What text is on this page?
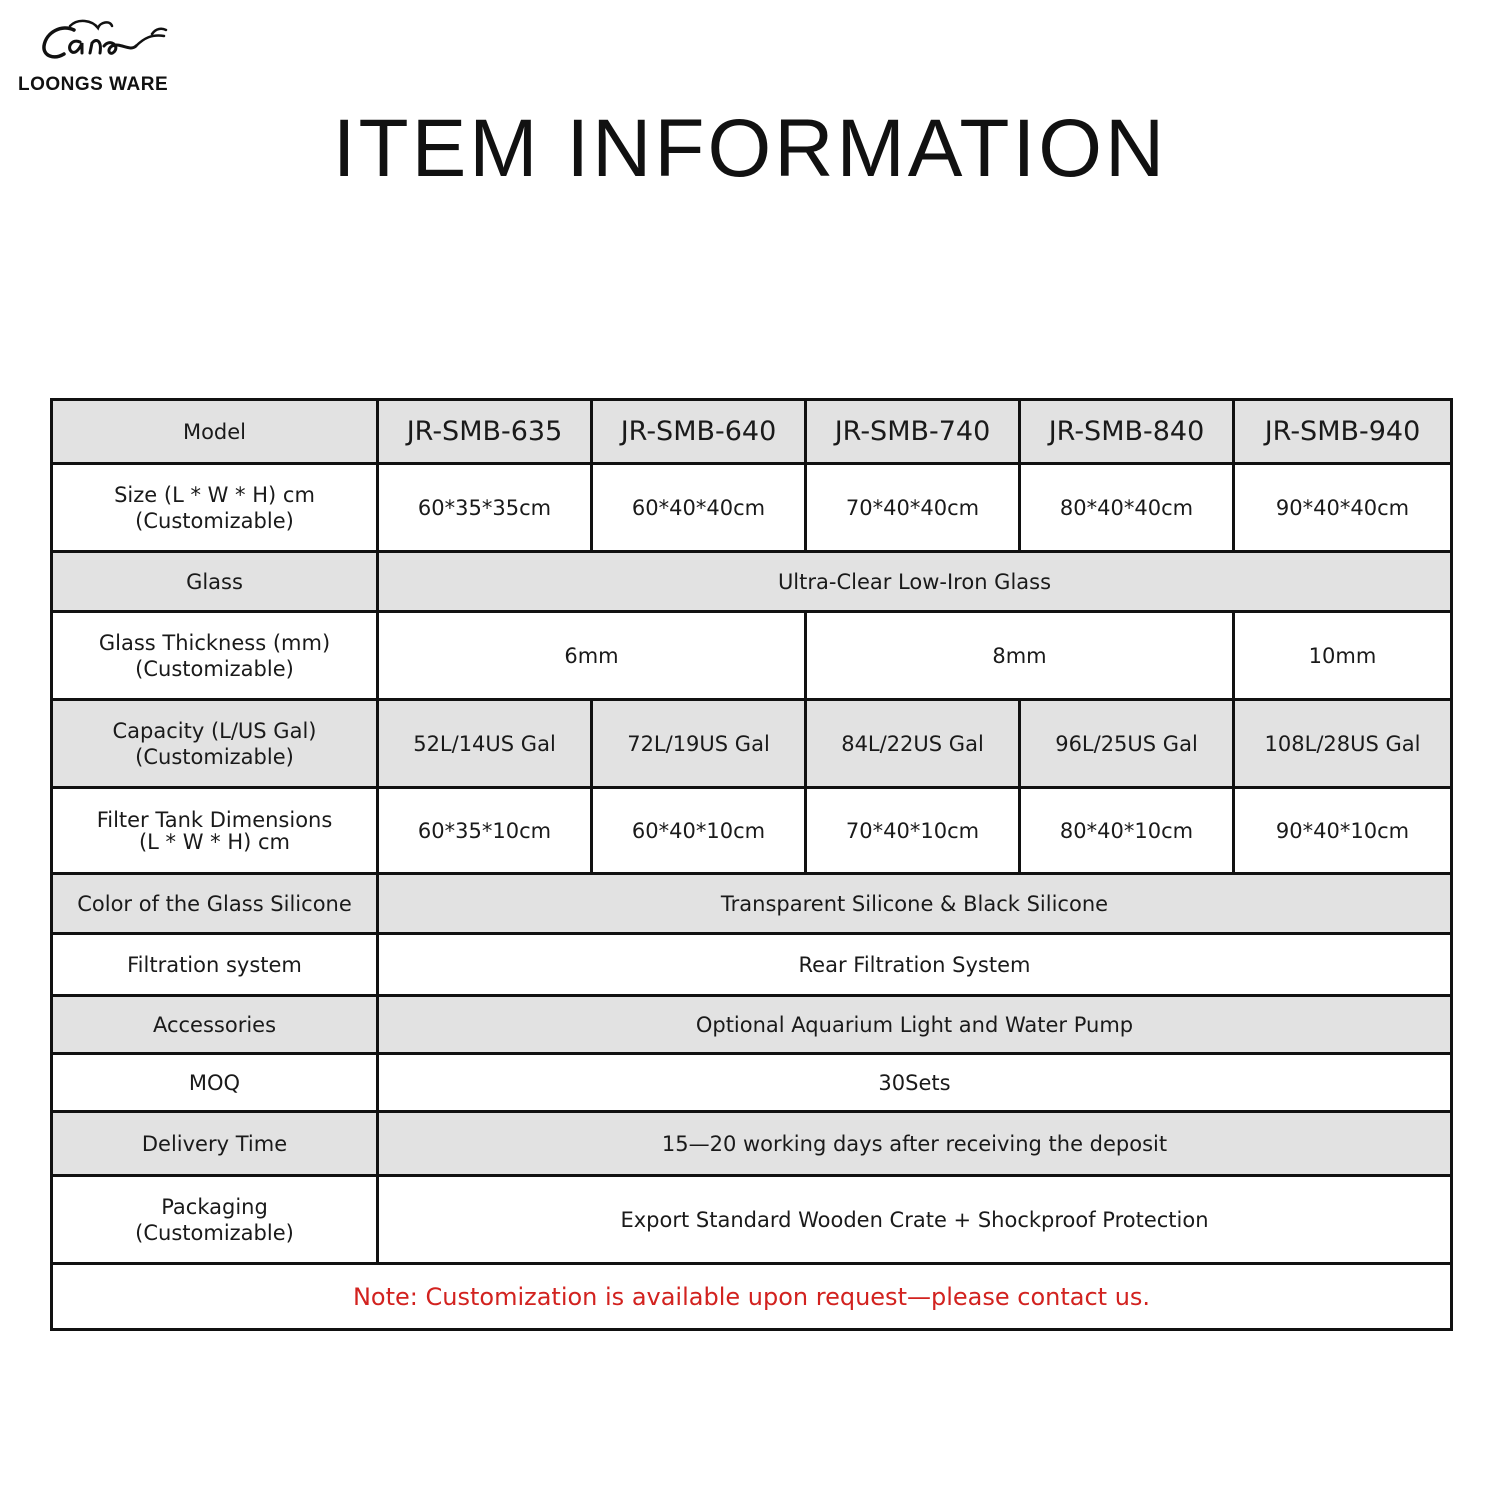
LOONGS WARE
ITEM INFORMATION
Model	JR-SMB-635	JR-SMB-640	JR-SMB-740	JR-SMB-840	JR-SMB-940

Size (L * W * H) cm
(Customizable)	60*35*35cm	60*40*40cm	70*40*40cm	80*40*40cm	90*40*40cm
Glass	Ultra-Clear Low-Iron Glass				

Glass Thickness (mm)
(Customizable)	6mm		8mm		10mm

Capacity (L/US Gal)
(Customizable)	52L/14US Gal	72L/19US Gal	84L/22US Gal	96L/25US Gal	108L/28US Gal

Filter Tank Dimensions
(L * W * H) cm	60*35*10cm	60*40*10cm	70*40*10cm	80*40*10cm	90*40*10cm
Color of the Glass Silicone	Transparent Silicone & Black Silicone				
Filtration system	Rear Filtration System				
Accessories	Optional Aquarium Light and Water Pump				
MOQ	30Sets				
Delivery Time	15—20 working days after receiving the deposit				

Packaging
(Customizable)	Export Standard Wooden Crate + Shockproof Protection				
Note: Customization is available upon request—please contact us.					
